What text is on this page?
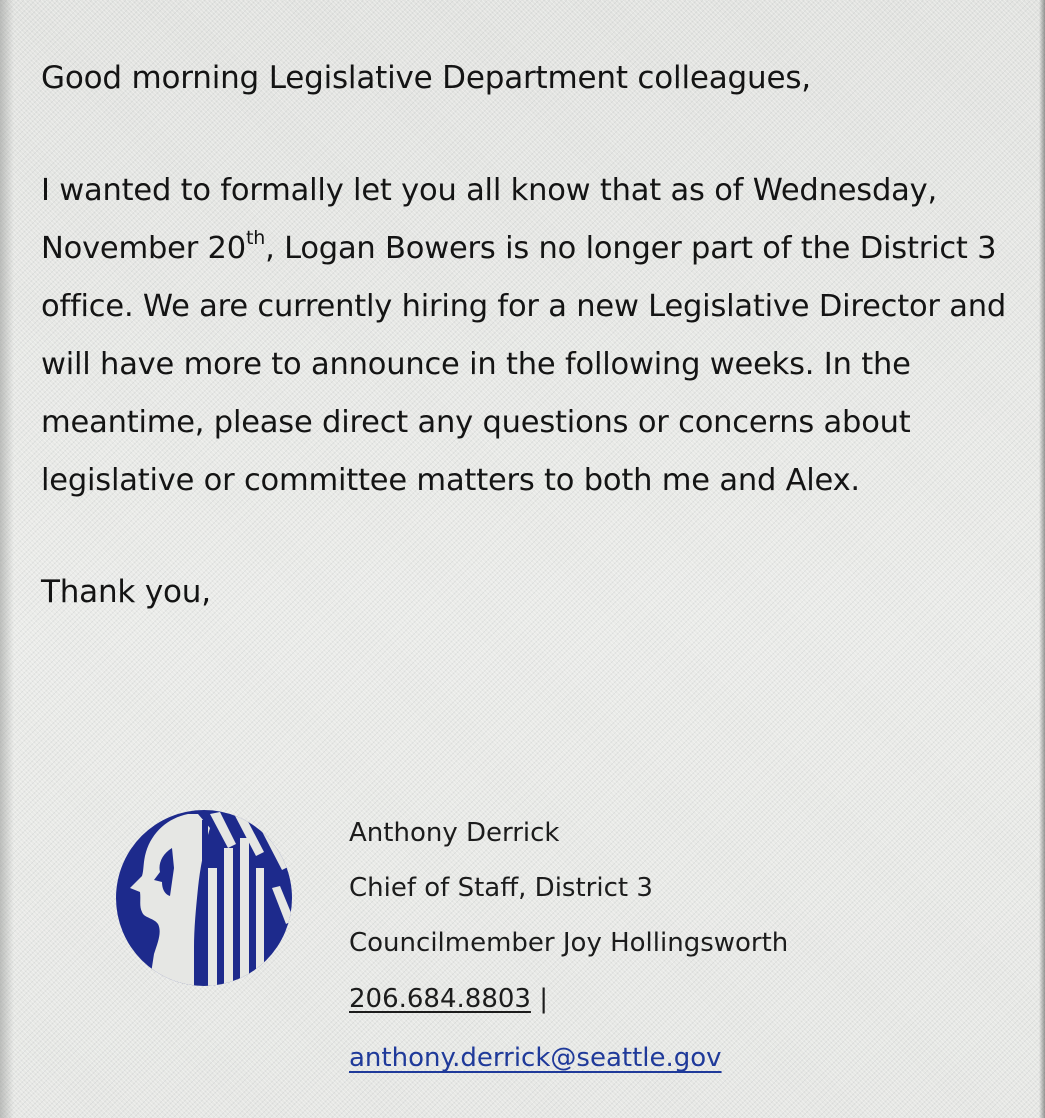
Good morning Legislative Department colleagues,

I wanted to formally let you all know that as of Wednesday, November 20th, Logan Bowers is no longer part of the District 3 office. We are currently hiring for a new Legislative Director and will have more to announce in the following weeks. In the meantime, please direct any questions or concerns about legislative or committee matters to both me and Alex.

Thank you,

Anthony Derrick
Chief of Staff, District 3
Councilmember Joy Hollingsworth
206.684.8803 |
anthony.derrick@seattle.gov
